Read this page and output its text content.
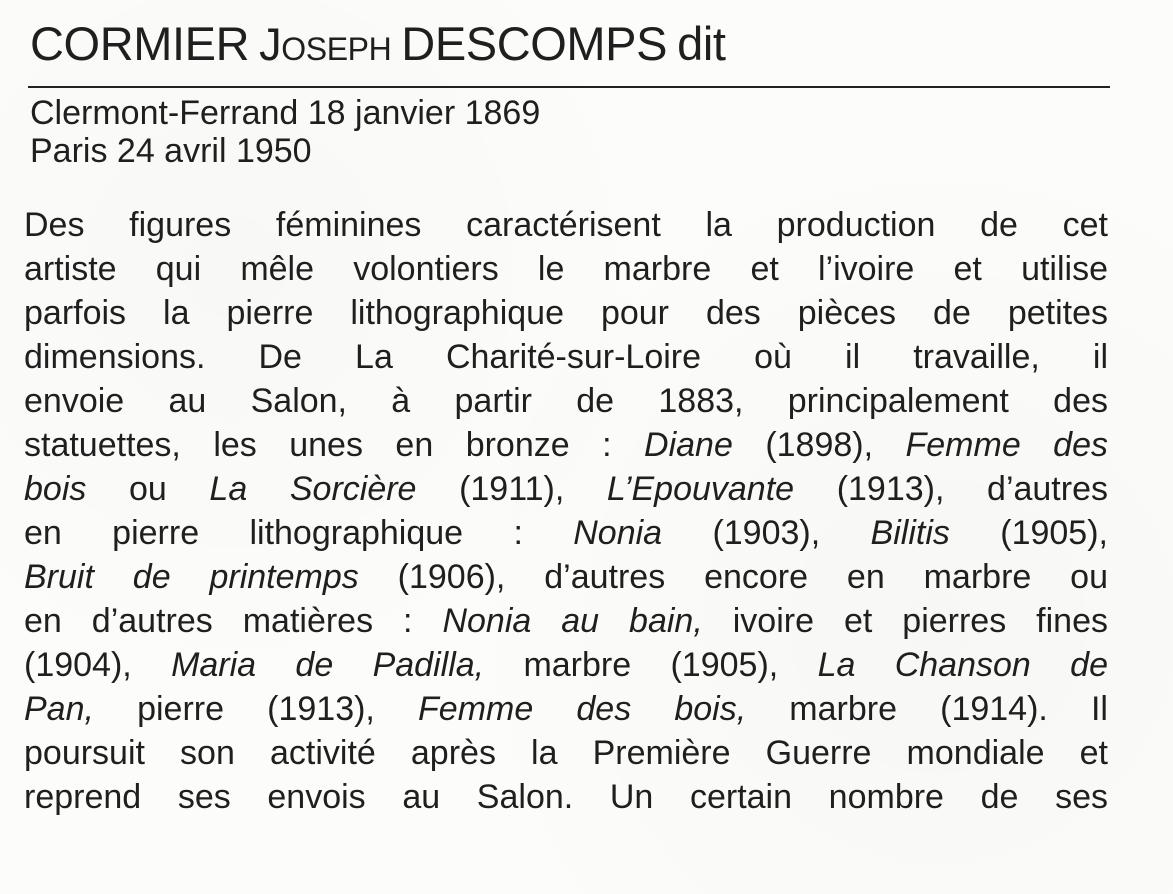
CORMIER Joseph DESCOMPS dit
Clermont-Ferrand 18 janvier 1869
Paris 24 avril 1950
Des figures féminines caractérisent la production de cet
artiste qui mêle volontiers le marbre et l’ivoire et utilise
parfois la pierre lithographique pour des pièces de petites
dimensions. De La Charité-sur-Loire où il travaille, il
envoie au Salon, à partir de 1883, principalement des
statuettes, les unes en bronze : Diane (1898), Femme des
bois ou La Sorcière (1911), L’Epouvante (1913), d’autres
en pierre lithographique : Nonia (1903), Bilitis (1905),
Bruit de printemps (1906), d’autres encore en marbre ou
en d’autres matières : Nonia au bain, ivoire et pierres fines
(1904), Maria de Padilla, marbre (1905), La Chanson de
Pan, pierre (1913), Femme des bois, marbre (1914). Il
poursuit son activité après la Première Guerre mondiale et
reprend ses envois au Salon. Un certain nombre de ses
